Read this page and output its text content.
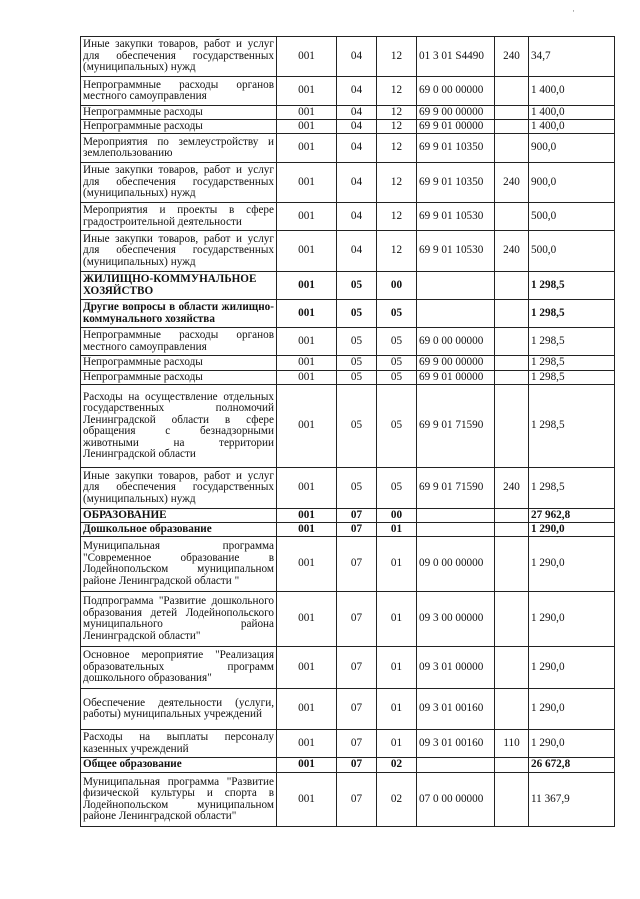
·
Иные закупки товаров, работ и услуг для обеспечения государственных (муниципальных) нужд	001	04	12	01 3 01 S4490	240	34,7
Непрограммные расходы органов местного самоуправления	001	04	12	69 0 00 00000		1 400,0
Непрограммные расходы	001	04	12	69 9 00 00000		1 400,0
Непрограммные расходы	001	04	12	69 9 01 00000		1 400,0
Мероприятия по землеустройству и землепользованию	001	04	12	69 9 01 10350		900,0
Иные закупки товаров, работ и услуг для обеспечения государственных (муниципальных) нужд	001	04	12	69 9 01 10350	240	900,0
Мероприятия и проекты в сфере градостроительной деятельности	001	04	12	69 9 01 10530		500,0
Иные закупки товаров, работ и услуг для обеспечения государственных (муниципальных) нужд	001	04	12	69 9 01 10530	240	500,0
ЖИЛИЩНО-КОММУНАЛЬНОЕ ХОЗЯЙСТВО	001	05	00			1 298,5
Другие вопросы в области жилищно-коммунального хозяйства	001	05	05			1 298,5
Непрограммные расходы органов местного самоуправления	001	05	05	69 0 00 00000		1 298,5
Непрограммные расходы	001	05	05	69 9 00 00000		1 298,5
Непрограммные расходы	001	05	05	69 9 01 00000		1 298,5
Расходы на осуществление отдельных государственных полномочий Ленинградской области в сфере обращения с безнадзорными животными на территории Ленинградской области	001	05	05	69 9 01 71590		1 298,5
Иные закупки товаров, работ и услуг для обеспечения государственных (муниципальных) нужд	001	05	05	69 9 01 71590	240	1 298,5
ОБРАЗОВАНИЕ	001	07	00			27 962,8
Дошкольное образование	001	07	01			1 290,0
Муниципальная программа "Современное образование в Лодейнопольском муниципальном районе Ленинградской области "	001	07	01	09 0 00 00000		1 290,0
Подпрограмма "Развитие дошкольного образования детей Лодейнопольского муниципального района Ленинградской области"	001	07	01	09 3 00 00000		1 290,0
Основное мероприятие "Реализация образовательных программ дошкольного образования"	001	07	01	09 3 01 00000		1 290,0
Обеспечение деятельности (услуги, работы) муниципальных учреждений	001	07	01	09 3 01 00160		1 290,0
Расходы на выплаты персоналу казенных учреждений	001	07	01	09 3 01 00160	110	1 290,0
Общее образование	001	07	02			26 672,8
Муниципальная программа "Развитие физической культуры и спорта в Лодейнопольском муниципальном районе Ленинградской области"	001	07	02	07 0 00 00000		11 367,9
